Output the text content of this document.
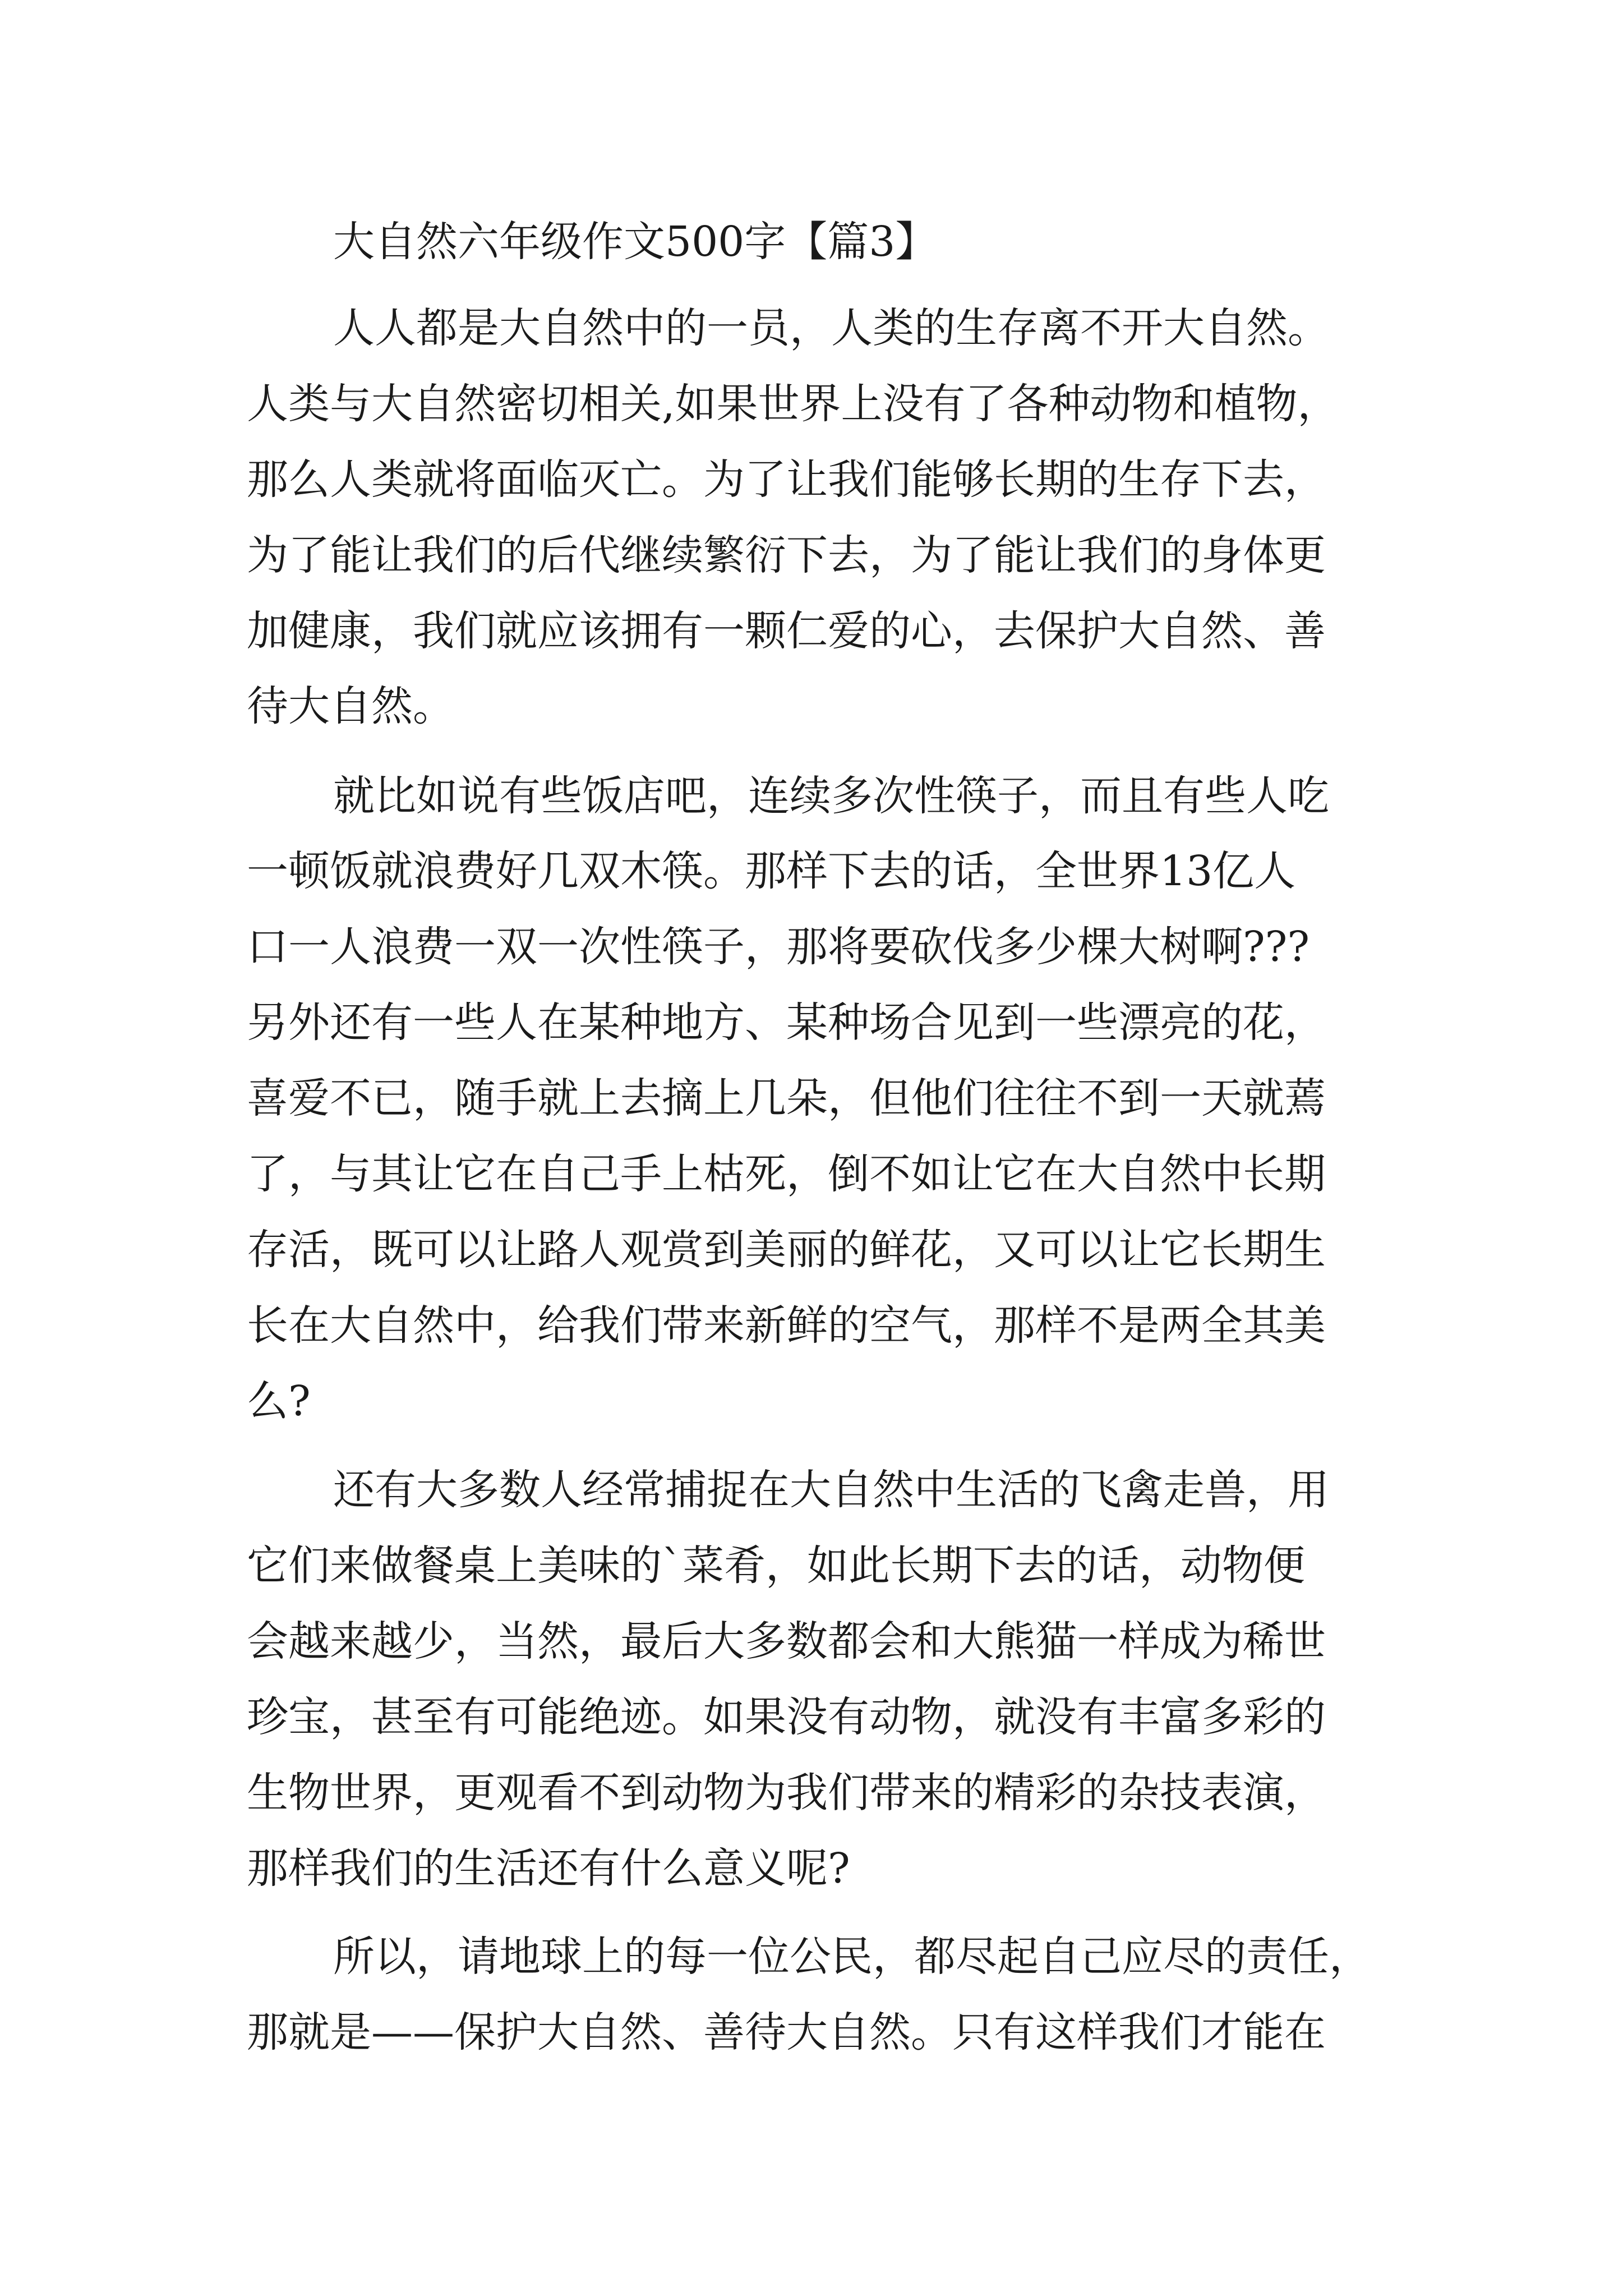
大自然六年级作文500字【篇3】
人人都是大自然中的一员，人类的生存离不开大自然。
人类与大自然密切相关,如果世界上没有了各种动物和植物，
那么人类就将面临灭亡。为了让我们能够长期的生存下去，
为了能让我们的后代继续繁衍下去，为了能让我们的身体更
加健康，我们就应该拥有一颗仁爱的心，去保护大自然、善
待大自然。
就比如说有些饭店吧，连续多次性筷子，而且有些人吃
一顿饭就浪费好几双木筷。那样下去的话，全世界13亿人
口一人浪费一双一次性筷子，那将要砍伐多少棵大树啊???
另外还有一些人在某种地方、某种场合见到一些漂亮的花，
喜爱不已，随手就上去摘上几朵，但他们往往不到一天就蔫
了，与其让它在自己手上枯死，倒不如让它在大自然中长期
存活，既可以让路人观赏到美丽的鲜花，又可以让它长期生
长在大自然中，给我们带来新鲜的空气，那样不是两全其美
么?
还有大多数人经常捕捉在大自然中生活的飞禽走兽，用
它们来做餐桌上美味的`菜肴，如此长期下去的话，动物便
会越来越少，当然，最后大多数都会和大熊猫一样成为稀世
珍宝，甚至有可能绝迹。如果没有动物，就没有丰富多彩的
生物世界，更观看不到动物为我们带来的精彩的杂技表演，
那样我们的生活还有什么意义呢?
所以，请地球上的每一位公民，都尽起自己应尽的责任，
那就是——保护大自然、善待大自然。只有这样我们才能在
